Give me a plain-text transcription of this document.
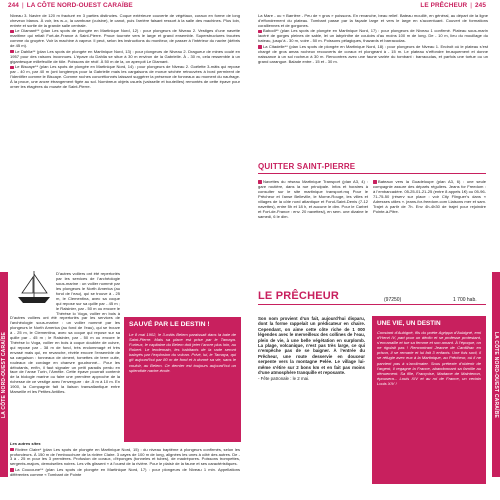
244 | LA CÔTE NORD-OUEST CARAÏBE

Niveau 3. Navire de 120 m fracturé en 3 parties distinctes. Coque extérieure couverte de végétaux, coraux en forme de long cheveux blancs. À voir, les w.-c, la cambuse (cuisine), le canot, puis l’arrière faisant ressort à la salle des machines. Plus loin, entrée et sortie de la grande salle centrale.

Le Diamant** (plan Les spots de plongée en Martinique Nord, 12) : pour plongeurs de Niveau 2. Vestiges d’une navette maritime qui reliait Fort-de-France à Saint-Pierre. Proue tournée vers le large et grand ensemble. Superstructures trouées comme du gruyère. Voir la machine à vapeur. Il peut, selon les instructions du moniteur, de passer à l’intérieur du navire (débris de 45 m).

Le Dahlia** (plan Les spots de plongée en Martinique Nord, 13) : pour plongeurs de Niveau 2. Dragueur de mines coulé en 1957 pour des raisons inconnues. L’épave du Dahlia se situe à 30 m environ de la Gabrielle. À - 30 m, cela ressemble à un gigantesque millefeuille de tôle. Poissons de récif. À 50 m de la, on aperçoit Le Diamant.

Le Biscaye** (plan Les spots de plongée en Martinique Nord, 14) : pour plongeurs de Niveau 2. Goélette 3-mâts qui repose par - 40 m, par 40 m (ont longtemps pour la Gabrielle mais les cargaisons de morue séchée retrouvées à bord permirent de l’identifier comme le Biscaye. Comme roches concrétionnés laissant suggérer la présence de fonneaux au moment du naufrage. À la proue, une ancre étrangement figée au sol. Nombreux objets usuels (vaisselle et bouteilles) remontés de cette épave pour orner les étagères du musée de Saint-Pierre.

D’autres voiliers ont été repertoriés par les services de l’archéologie sous-marine : un voilier nommé par les plongeurs le North America (au fond de l’eau), qui se trouve à - 25 m, le Clementina, avec sa coque qui repose sur sa quille par - 45 m ; le Raisinier, par - 50 m ou encore le Thérèse lo Voga, voilier en bois à

D’autres voiliers ont été repertoriés par les services de l’archéologie sous-marine : un voilier nommé par les plongeurs le North America (au fond de l’eau), qui se trouve à - 25 m, le Clementina, avec sa coque qui repose sur sa quille par - 45 m ; le Raisinier, par - 50 m ou encore le Thérèse lo Voga, voilier en bois à coque doublée de cuivre, qui repose par - 38 m de fond, très endommagé et très envasé mais qui, en revanche, révèle encore l’ensemble de sa cargaison : tonneaux de ciment, tomettes de terre cuite, rouleaux de cordage en chanvre goudronné... Pour les débutants, enfin, il faut signaler un petit paradis perdu en face de l’anse Turin, l’Amélie. Cette épave pourrait contenir de la biologie marine ou faire une première approche de la richesse de ce vestige avec l’envergure : de -5 m à 10 m. En 1900, la Compagnie fait la liaison transatlantique entre Marseille et les Petites Antilles.

Les autres sites

Rivière Claire* (plan Les spots de plongée en Martinique Nord, 15) : du niveau baptême à plongeurs confirmés, selon les profondeurs. À 150 m de l’embouchure de la rivière Claire. 3 cayes de 100 m de long, alignées les unes à côté des autres. De - 3 à - 25 m pour les 3 premières. Profusion de coraux, d’éponges (tonneles et tubes), de madrépores. Poissons trompettes, sergents-majors, demoiselles noires. Les vifs glissent « à l’ouest de la rivière. Pour le plaisir de la faune et ses caractéristiques.

La Coucoune** (plan Les spots de plongée en Martinique Nord, 17) : pour plongeurs de Niveau 1 min. Appellations différentes comme « Tombant de Pointe

SAUVÉ PAR LE DESTIN !
Le 8 mai 1902, le 3-mâts Belem paraissait dans la baie de Saint-Pierre. Mais sa place est prise par le Tamaya. Furieux, le capitaine du Belem doit jeter l’ancre plus loin, au Robert. Le lendemain, les habitants de la rade seront balayés par l’explosion du volcan. Privé, lui, le Tamaya, qui gît aujourd’hui par 80 m de fond et à donné sa vie, sans le vouloir, au Belem. Ce dernier est toujours aujourd’hui un splendide navire-école.
LA CÔTE NORD-OUEST CARAÏBE
LE PRÊCHEUR | 245

La Mare - ou « Barrière - Peu de « gros » poissons. En revanche, beau relief. Bateau mouillé, en général, au départ de la ligne d’effondrement du plateau. Tombant passe par la façade large et vers le large en s’accentuant. Couvert de formations coralliennes et de gorgones.

Babodi** (plan Les spots de plongée en Martinique Nord, 17) : pour plongeurs de Niveau 1 confirmé. Plateau sous-marin lacéré de gorges pleines de sable, lei un labyrinthe de couloirs d’au moins 100 m de long. De - 10 m, lieu du mouillage du bateau, jusqu’à - 30 m, voire - 50 m. Poissons pélagiques, thazards et barracudas.

La Citadelle** (plan Les spots de plongée en Martinique Nord, 18) : pour plongeurs de Niveau 1. Endroit où le plateau s’est chargé de gros amas rocheux recouverts de coraux et plongeant à - 15 m. Le plateau s’effondre brusquement et donne naissance à un sol rocheux à 30 m. Rencontres avec une faune variée du tombant : barracudas, et parfois une tortue ou un grand carangue. Balade entre - 15 et - 30 m.

QUITTER SAINT-PIERRE

Navettes du réseau Martinique Transport (plan A3, 4) : gare routière, dans la rue principale. Infos et horaires à consulter sur le site martinique transport.mq Pour le Prêcheur et l’anse Belleville, le Morne-Rouge, les villes et villages de la côte nord atlantique et Fond-Saint-Denis (7-12 navettes), entre 5h et 18 h, et aucune le dim. Pour le Carbet et Fort-de-France : env. 20 navettes/j, en sem. une dizaine le samedi, 6 le dim.

Bateaux vers la Guadeloupe (plan A3, 6) : une seule compagnie assure des départs réguliers. Jeans for Freedom : à l’embarcadère. 05-25-01-21-25 (entre 8 appels 1€) ou 05-96-71-75-50 (réserv sur place : voir City Flinguer’s dans « Adresses utiles ». jeans-for-freedom.com Liaisons mer et sam. Trajet à partir de 7h. Env 4h-4h30 de trajet pour rejoindre Pointe-à-Pitre.

LE PRÊCHEUR	(97250)	1 700 hab.

Son nom provient d’un fait, aujourd’hui disparu, dont la forme rappelait un prédicateur en chaire. Cependant, on aime cette côte riche de 1 000 légendes avec le merveilleux des collines de l’eau, plein de vie, à une belle végétation en surplomb. La plage, volcanique, n’est pas très large, ce qui n’empêche pas de se baigner. À l’entrée du Prêcheur, une route desservie en douceur serpente vers la montagne Pelée. Le village lui-même s’étire sur 2 bons km et en fait pas moins d’une atmosphère tranquille et reposante.

- Fête patronale : le 2 mai.

UNE VIE, UN DESTIN
Constant d’Aubigné, fils du poète Agrippa d’Aubigné, emi d’Henri IV, part pour un déclin et se professe protestant, s’encanaille et tue sa femme et son amant. À l’époque, on ne rigolait pas ! Rencontrant Jeanne de Cardilhac en prison, il se remarie et lui fait 3 enfants. Une fois sorti, il se réfugie avec eux à la Martinique, au Prêcheur, où il ne parvient pas à s’acclimater. Sous prétexte d’obtenir de l’argent, il regagne la France, abandonnant sa famille au dénuement. Sa fille, Françoise, Madame de Maintenon, épousera... Louis XIV et au roi de France, un certain Louis XIV !	LA CÔTE NORD-OUEST CARAÏBE
